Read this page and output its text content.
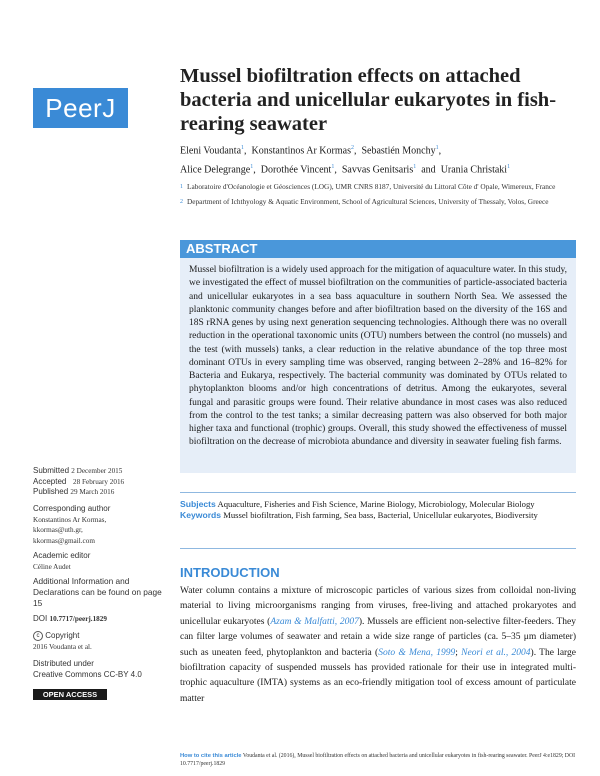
PeerJ
Mussel biofiltration effects on attached bacteria and unicellular eukaryotes in fish-rearing seawater
Eleni Voudanta$^1$,  Konstantinos Ar Kormas$^2$,  Sebastién Monchy$^1$,
Alice Delegrange$^1$,  Dorothée Vincent$^1$,  Savvas Genitsaris$^1$ and Urania Christaki$^1$
1 Laboratoire d'Océanologie et Géosciences (LOG), UMR CNRS 8187, Université du Littoral Côte d' Opale, Wimereux, France
2 Department of Ichthyology & Aquatic Environment, School of Agricultural Sciences, University of Thessaly, Volos, Greece
ABSTRACT
Mussel biofiltration is a widely used approach for the mitigation of aquaculture water. In this study, we investigated the effect of mussel biofiltration on the communities of particle-associated bacteria and unicellular eukaryotes in a sea bass aquaculture in southern North Sea. We assessed the planktonic community changes before and after biofiltration based on the diversity of the 16S and 18S rRNA genes by using next generation sequencing technologies. Although there was no overall reduction in the operational taxonomic units (OTU) numbers between the control (no mussels) and the test (with mussels) tanks, a clear reduction in the relative abundance of the top three most dominant OTUs in every sampling time was observed, ranging between 2–28% and 16–82% for Bacteria and Eukarya, respectively. The bacterial community was dominated by OTUs related to phytoplankton blooms and/or high concentrations of detritus. Among the eukaryotes, several fungal and parasitic groups were found. Their relative abundance in most cases was also reduced from the control to the test tanks; a similar decreasing pattern was also observed for both major higher taxa and functional (trophic) groups. Overall, this study showed the effectiveness of mussel biofiltration on the decrease of microbiota abundance and diversity in seawater fueling fish farms.
Submitted 2 December 2015
Accepted 28 February 2016
Published 29 March 2016
Corresponding author
Konstantinos Ar Kormas,
kkormas@uth.gr,
kkormas@gmail.com
Academic editor
Céline Audet
Additional Information and Declarations can be found on page 15
DOI 10.7717/peerj.1829
c Copyright
2016 Voudanta et al.
Distributed under
Creative Commons CC-BY 4.0
OPEN ACCESS
Subjects Aquaculture, Fisheries and Fish Science, Marine Biology, Microbiology, Molecular Biology
Keywords Mussel biofiltration, Fish farming, Sea bass, Bacterial, Unicellular eukaryotes, Biodiversity
INTRODUCTION
Water column contains a mixture of microscopic particles of various sizes from colloidal non-living material to living microorganisms ranging from viruses, free-living and attached prokaryotes and unicellular eukaryotes (Azam & Malfatti, 2007). Mussels are efficient non-selective filter-feeders. They can filter large volumes of seawater and retain a wide size range of particles (ca. 5–35 μm diameter) such as uneaten feed, phytoplankton and bacteria (Soto & Mena, 1999; Neori et al., 2004). The large biofiltration capacity of suspended mussels has provided rationale for their use in integrated multi-trophic aquaculture (IMTA) systems as an eco-friendly mitigation tool of excess amount of particulate matter
How to cite this article Voudanta et al. (2016), Mussel biofiltration effects on attached bacteria and unicellular eukaryotes in fish-rearing seawater. PeerJ 4:e1829; DOI 10.7717/peerj.1829
